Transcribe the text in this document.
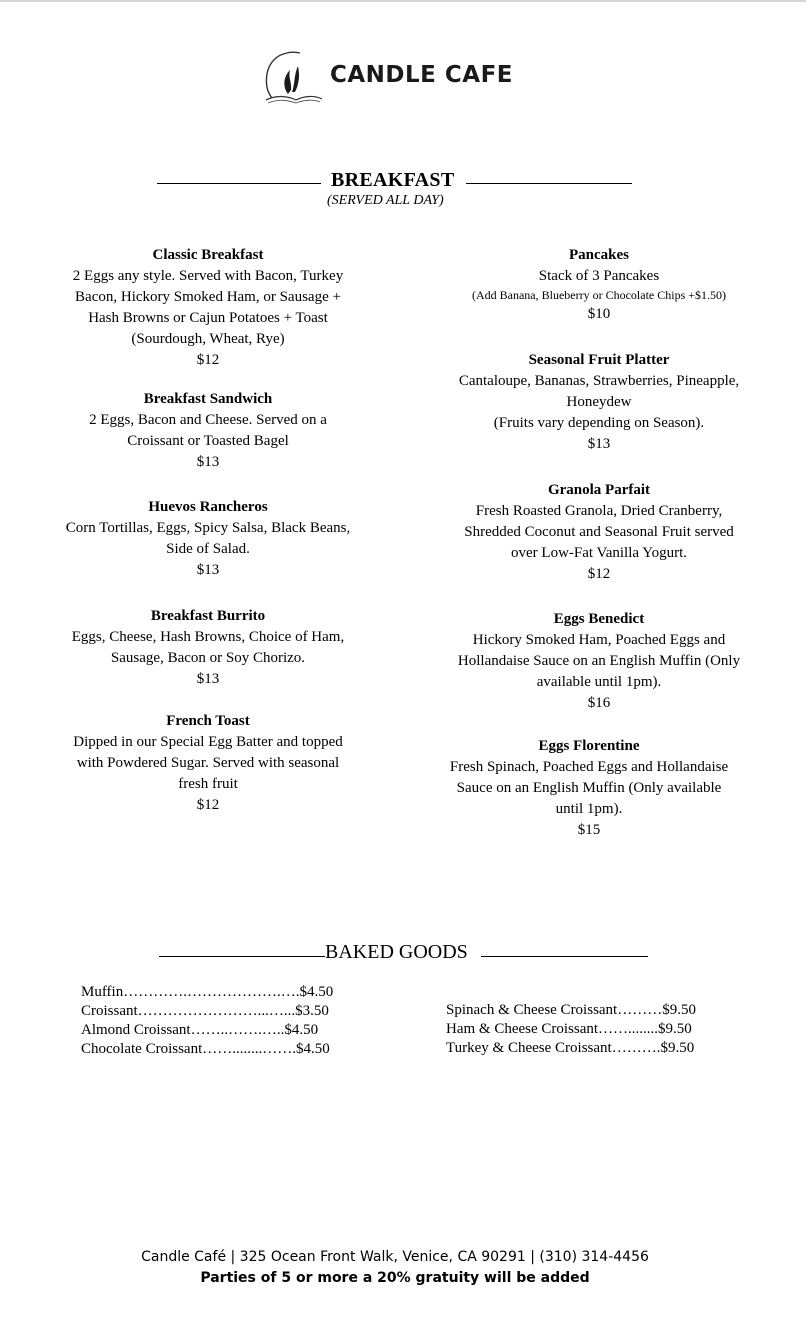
CANDLE CAFE
BREAKFAST
(SERVED ALL DAY)
Classic Breakfast
2 Eggs any style. Served with Bacon, Turkey
Bacon, Hickory Smoked Ham, or Sausage +
Hash Browns or Cajun Potatoes + Toast
(Sourdough, Wheat, Rye)
$12
Breakfast Sandwich
2 Eggs, Bacon and Cheese. Served on a
Croissant or Toasted Bagel
$13
Huevos Rancheros
Corn Tortillas, Eggs, Spicy Salsa, Black Beans,
Side of Salad.
$13
Breakfast Burrito
Eggs, Cheese, Hash Browns, Choice of Ham,
Sausage, Bacon or Soy Chorizo.
$13
French Toast
Dipped in our Special Egg Batter and topped
with Powdered Sugar. Served with seasonal
fresh fruit
$12
Pancakes
Stack of 3 Pancakes
(Add Banana, Blueberry or Chocolate Chips +$1.50)
$10
Seasonal Fruit Platter
Cantaloupe, Bananas, Strawberries, Pineapple,
Honeydew
(Fruits vary depending on Season).
$13
Granola Parfait
Fresh Roasted Granola, Dried Cranberry,
Shredded Coconut and Seasonal Fruit served
over Low-Fat Vanilla Yogurt.
$12
Eggs Benedict
Hickory Smoked Ham, Poached Eggs and
Hollandaise Sauce on an English Muffin (Only
available until 1pm).
$16
Eggs Florentine
Fresh Spinach, Poached Eggs and Hollandaise
Sauce on an English Muffin (Only available
until 1pm).
$15
BAKED GOODS
Muffin………….……………….….$4.50
Croissant……………………...…...$3.50
Almond Croissant……..…….…..$4.50
Chocolate Croissant……........…….$4.50
Spinach & Cheese Croissant………$9.50
Ham & Cheese Croissant……........$9.50
Turkey & Cheese Croissant……….$9.50
Candle Café | 325 Ocean Front Walk, Venice, CA 90291 | (310) 314-4456
Parties of 5 or more a 20% gratuity will be added
